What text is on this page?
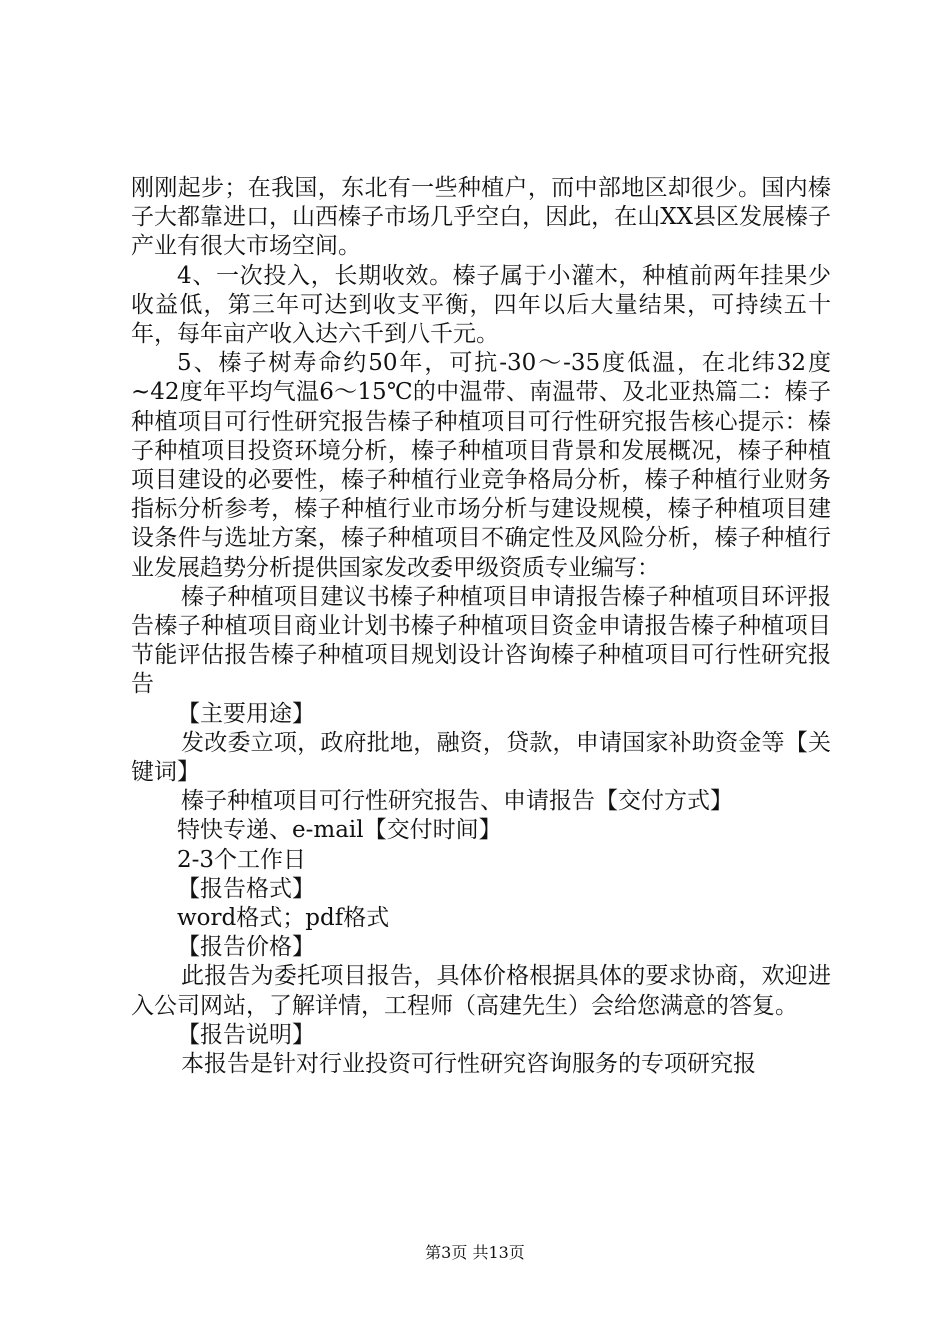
刚刚起步；在我国，东北有一些种植户，而中部地区却很少。国内榛子大都靠进口，山西榛子市场几乎空白，因此，在山XX县区发展榛子产业有很大市场空间。

4、一次投入，长期收效。榛子属于小灌木，种植前两年挂果少收益低，第三年可达到收支平衡，四年以后大量结果，可持续五十年，每年亩产收入达六千到八千元。

5、榛子树寿命约50年，可抗-30～-35度低温，在北纬32度~42度年平均气温6～15℃的中温带、南温带、及北亚热篇二：榛子种植项目可行性研究报告榛子种植项目可行性研究报告核心提示：榛子种植项目投资环境分析，榛子种植项目背景和发展概况，榛子种植项目建设的必要性，榛子种植行业竞争格局分析，榛子种植行业财务指标分析参考，榛子种植行业市场分析与建设规模，榛子种植项目建设条件与选址方案，榛子种植项目不确定性及风险分析，榛子种植行业发展趋势分析提供国家发改委甲级资质专业编写：

榛子种植项目建议书榛子种植项目申请报告榛子种植项目环评报告榛子种植项目商业计划书榛子种植项目资金申请报告榛子种植项目节能评估报告榛子种植项目规划设计咨询榛子种植项目可行性研究报告

【主要用途】

发改委立项，政府批地，融资，贷款，申请国家补助资金等【关键词】

榛子种植项目可行性研究报告、申请报告【交付方式】

特快专递、e-mail【交付时间】

2-3个工作日

【报告格式】

word格式；pdf格式

【报告价格】

此报告为委托项目报告，具体价格根据具体的要求协商，欢迎进入公司网站，了解详情，工程师（高建先生）会给您满意的答复。

【报告说明】

本报告是针对行业投资可行性研究咨询服务的专项研究报

第3页 共13页
